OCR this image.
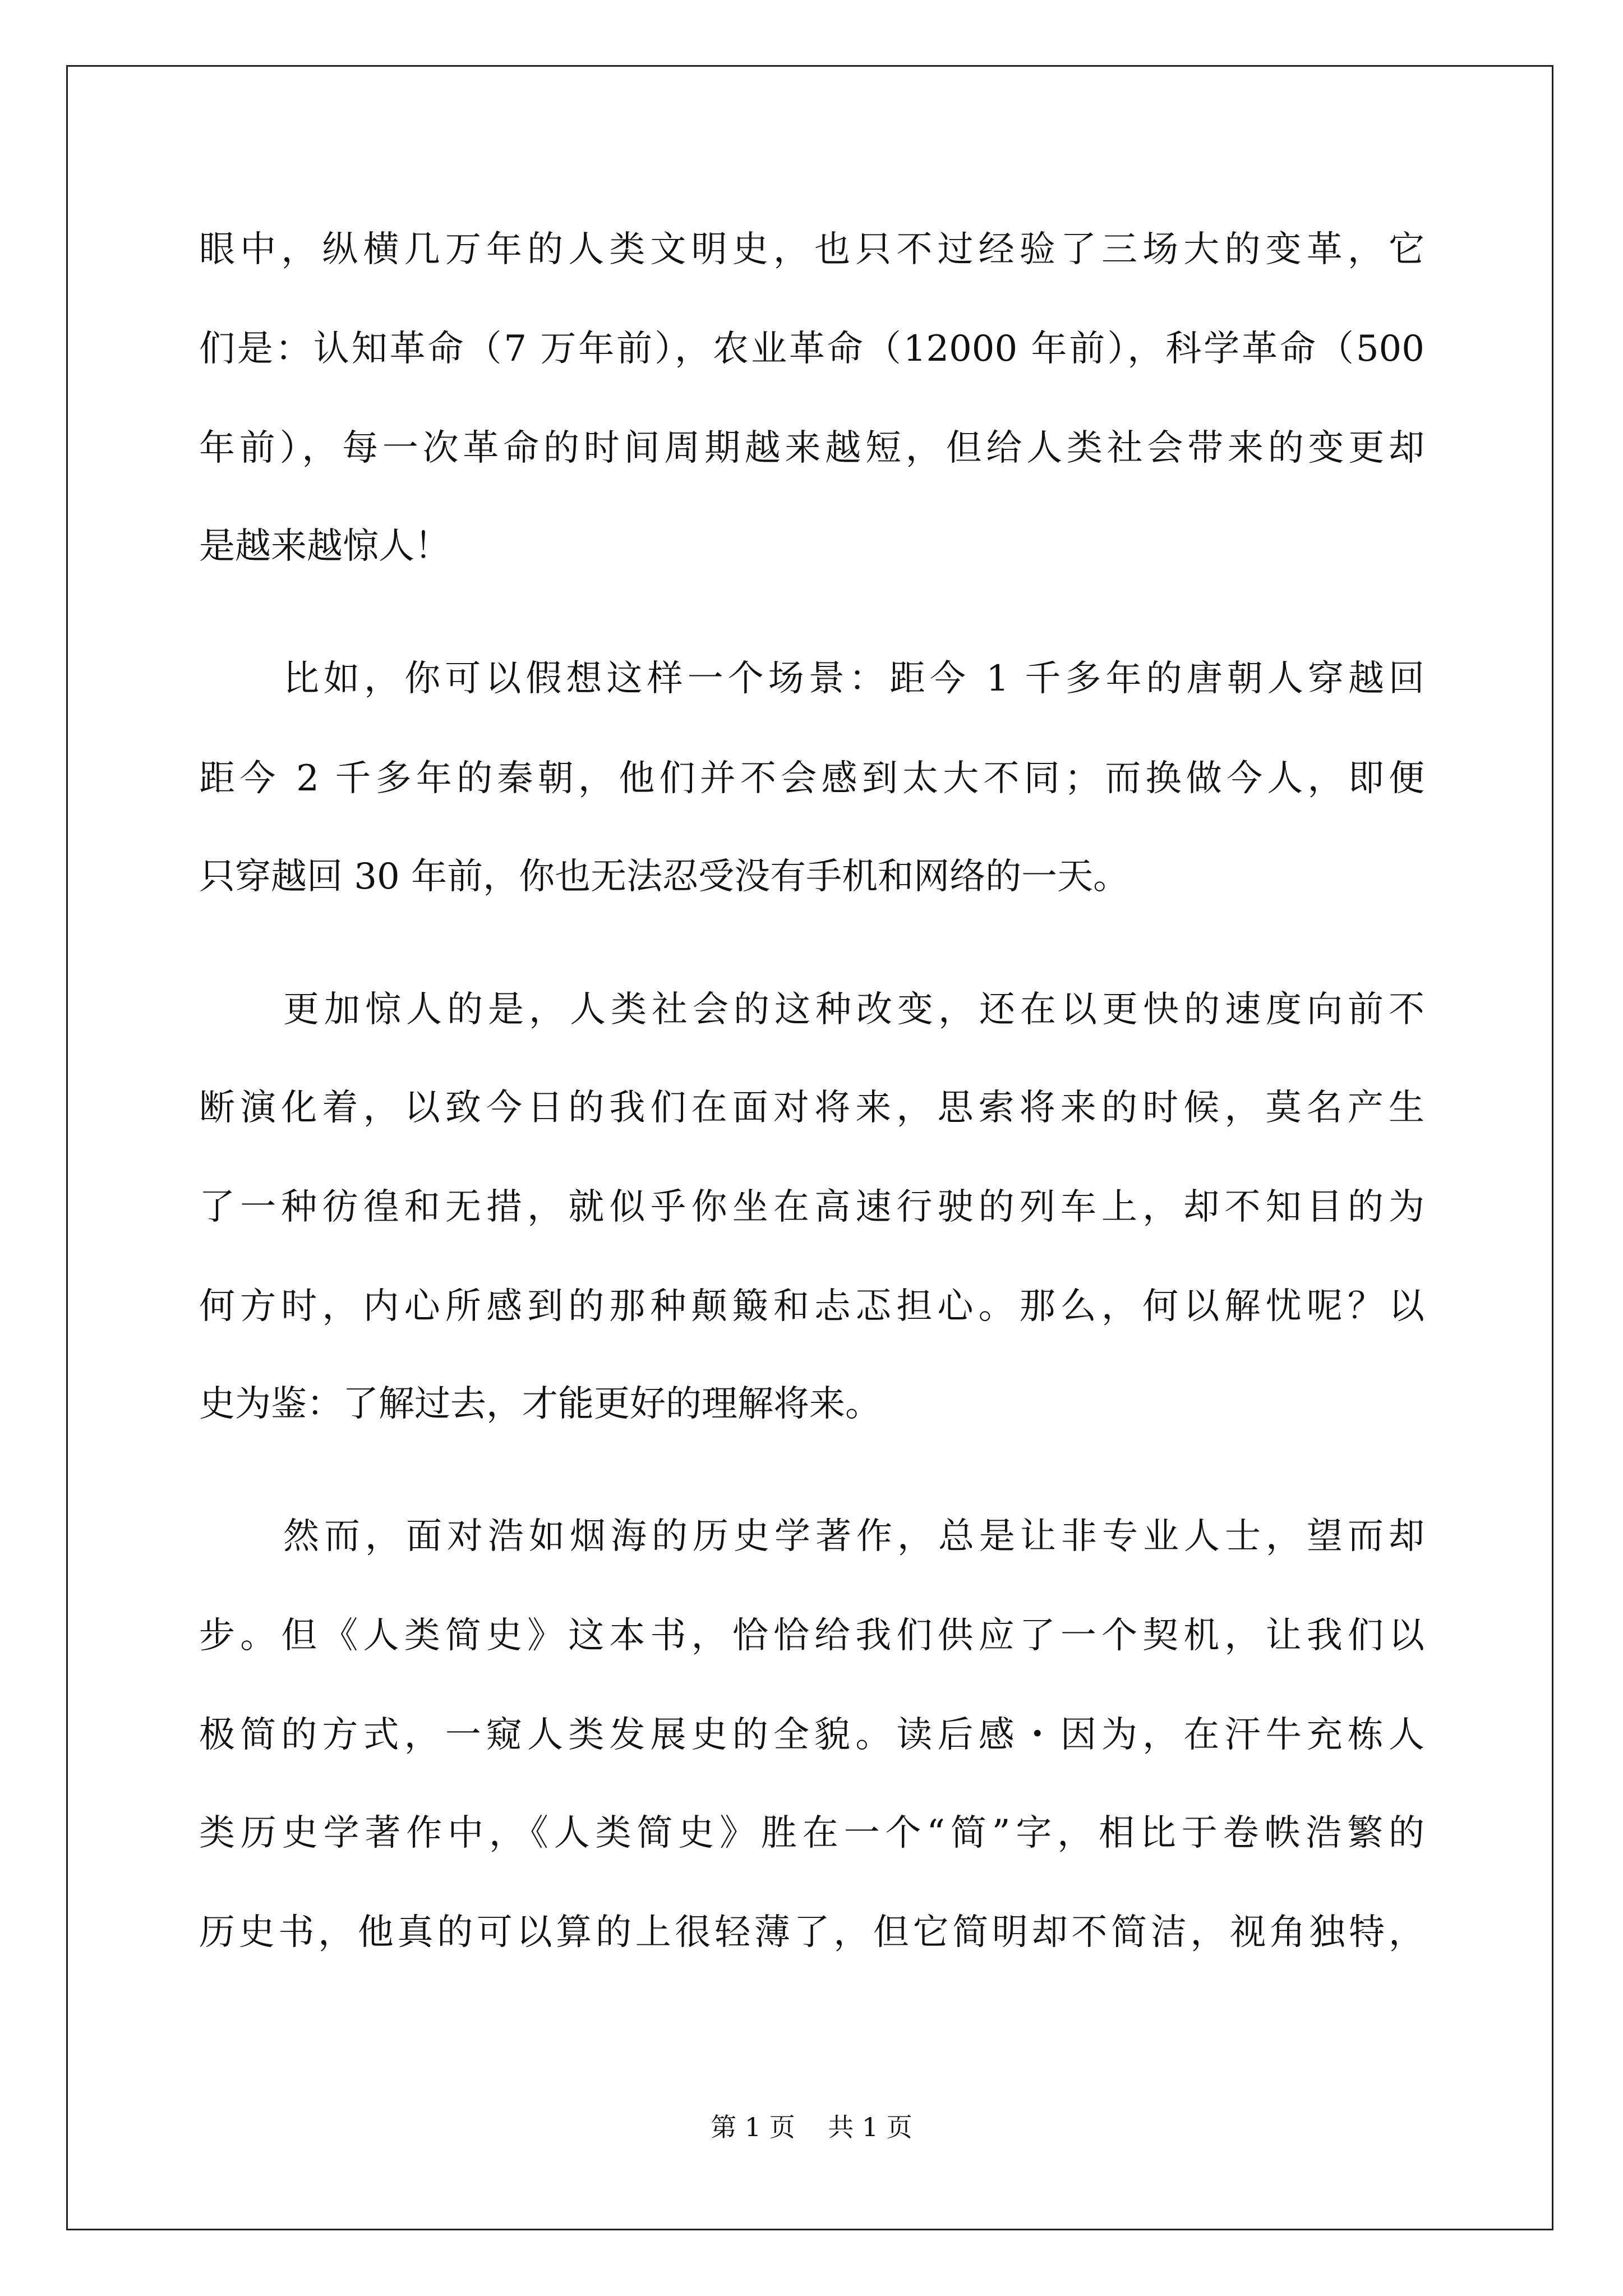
眼中，纵横几万年的人类文明史，也只不过经验了三场大的变革，它

们是：认知革命（7 万年前），农业革命（12000 年前），科学革命（500

年前），每一次革命的时间周期越来越短，但给人类社会带来的变更却

是越来越惊人！

比如，你可以假想这样一个场景：距今 1 千多年的唐朝人穿越回

距今 2 千多年的秦朝，他们并不会感到太大不同；而换做今人，即便

只穿越回 30 年前，你也无法忍受没有手机和网络的一天。

更加惊人的是，人类社会的这种改变，还在以更快的速度向前不

断演化着，以致今日的我们在面对将来，思索将来的时候，莫名产生

了一种彷徨和无措，就似乎你坐在高速行驶的列车上，却不知目的为

何方时，内心所感到的那种颠簸和忐忑担心。那么，何以解忧呢？以

史为鉴：了解过去，才能更好的理解将来。

然而，面对浩如烟海的历史学著作，总是让非专业人士，望而却

步。但《人类简史》这本书，恰恰给我们供应了一个契机，让我们以

极简的方式，一窥人类发展史的全貌。读后感・因为，在汗牛充栋人

类历史学著作中，《人类简史》胜在一个“简”字，相比于卷帙浩繁的

历史书，他真的可以算的上很轻薄了，但它简明却不简洁，视角独特，

第 1 页    共 1 页
